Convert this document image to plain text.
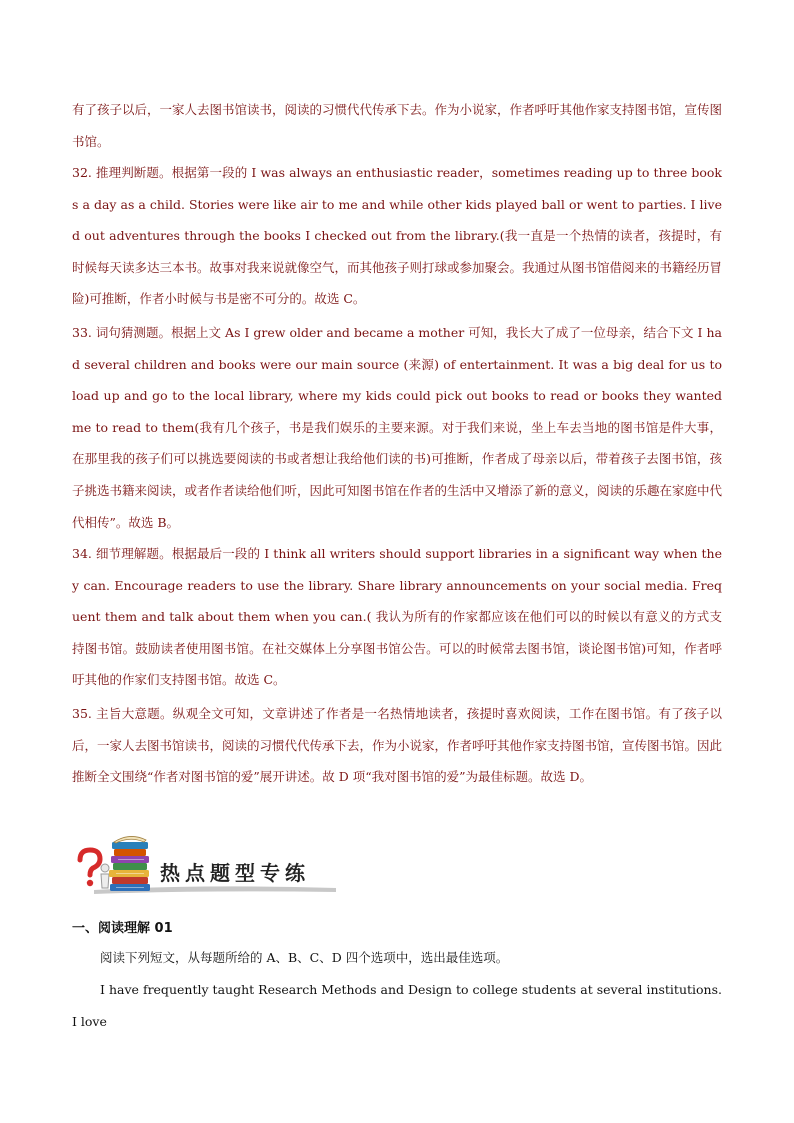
有了孩子以后，一家人去图书馆读书，阅读的习惯代代传承下去。作为小说家，作者呼吁其他作家支持图书馆，宣传图书馆。
32. 推理判断题。根据第一段的 I was always an enthusiastic reader，sometimes reading up to three books a day as a child. Stories were like air to me and while other kids played ball or went to parties. I lived out adventures through the books I checked out from the library.(我一直是一个热情的读者，孩提时，有时候每天读多达三本书。故事对我来说就像空气，而其他孩子则打球或参加聚会。我通过从图书馆借阅来的书籍经历冒险)可推断，作者小时候与书是密不可分的。故选 C。
33. 词句猜测题。根据上文 As I grew older and became a mother 可知，我长大了成了一位母亲，结合下文 I had several children and books were our main source (来源) of entertainment. It was a big deal for us to load up and go to the local library, where my kids could pick out books to read or books they wanted me to read to them(我有几个孩子，书是我们娱乐的主要来源。对于我们来说，坐上车去当地的图书馆是件大事，在那里我的孩子们可以挑选要阅读的书或者想让我给他们读的书)可推断，作者成了母亲以后，带着孩子去图书馆，孩子挑选书籍来阅读，或者作者读给他们听，因此可知图书馆在作者的生活中又增添了新的意义，阅读的乐趣在家庭中代代相传”。故选 B。
34. 细节理解题。根据最后一段的 I think all writers should support libraries in a significant way when they can. Encourage readers to use the library. Share library announcements on your social media. Frequent them and talk about them when you can.( 我认为所有的作家都应该在他们可以的时候以有意义的方式支持图书馆。鼓励读者使用图书馆。在社交媒体上分享图书馆公告。可以的时候常去图书馆，谈论图书馆)可知，作者呼吁其他的作家们支持图书馆。故选 C。
35. 主旨大意题。纵观全文可知，文章讲述了作者是一名热情地读者，孩提时喜欢阅读，工作在图书馆。有了孩子以后，一家人去图书馆读书，阅读的习惯代代传承下去，作为小说家，作者呼吁其他作家支持图书馆，宣传图书馆。因此推断全文围绕“作者对图书馆的爱”展开讲述。故 D 项“我对图书馆的爱”为最佳标题。故选 D。
热点题型专练
一、阅读理解 01
阅读下列短文，从每题所给的 A、B、C、D 四个选项中，选出最佳选项。
I have frequently taught Research Methods and Design to college students at several institutions. I love
